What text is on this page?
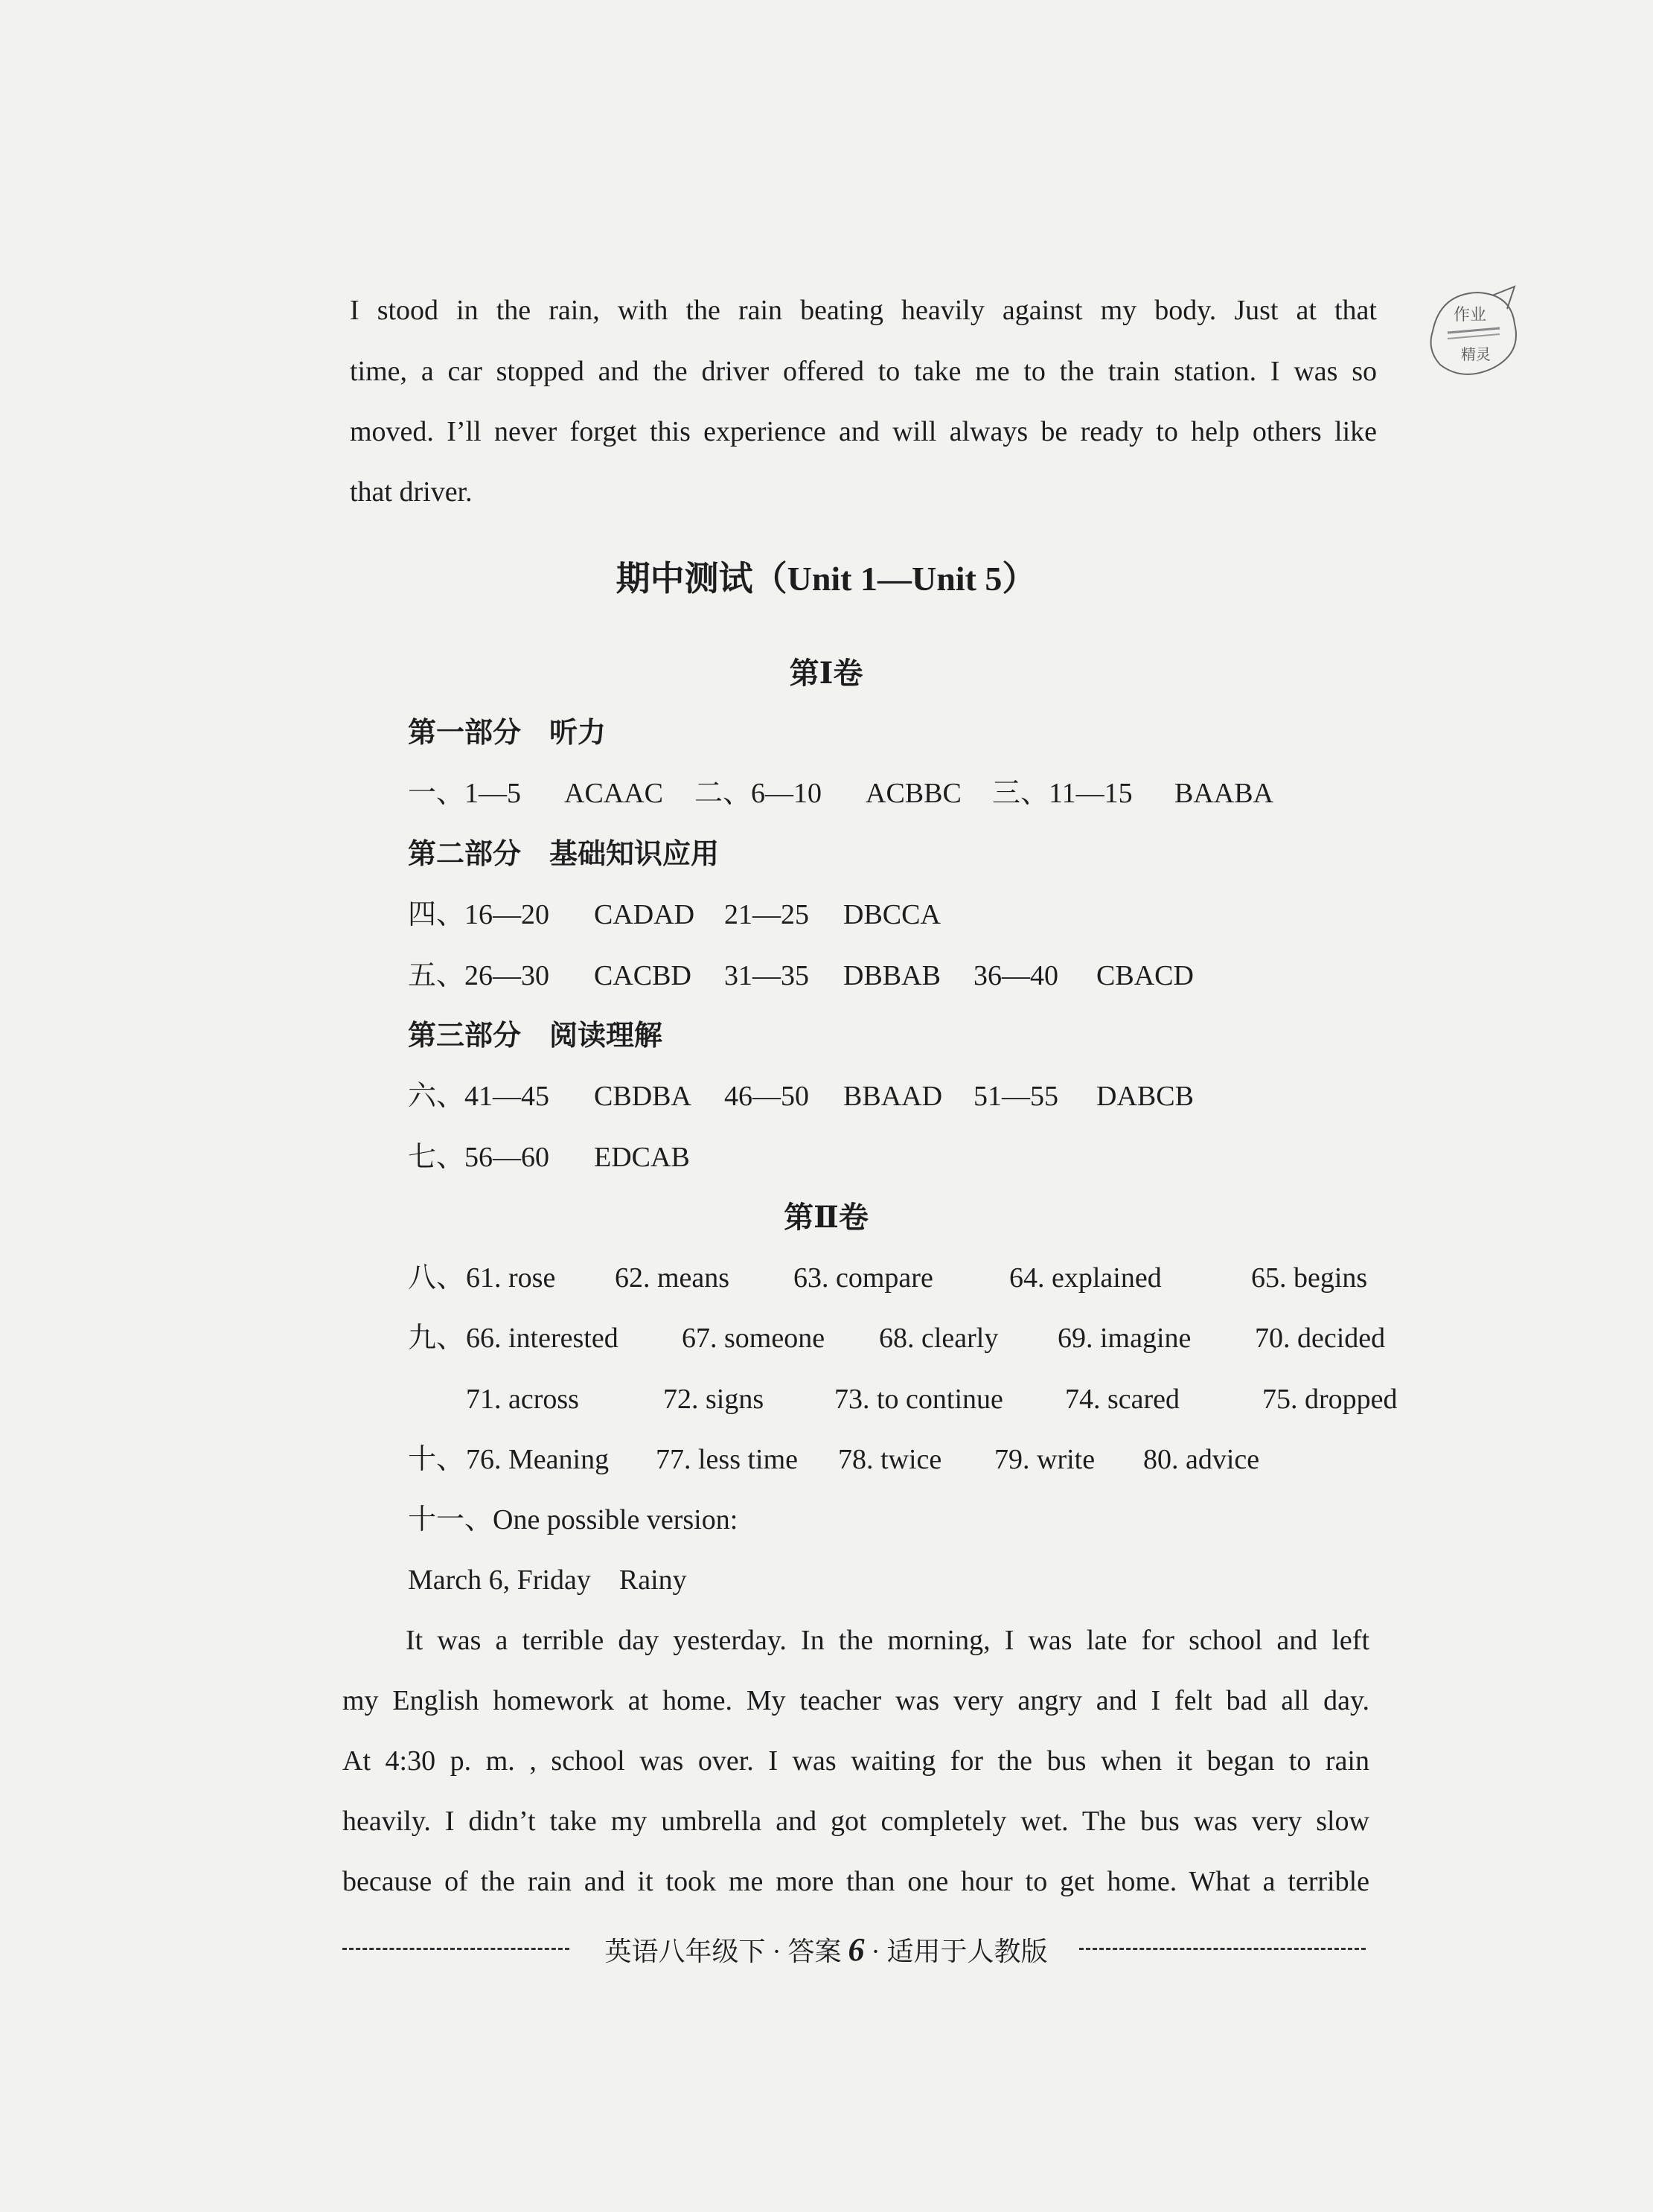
I stood in the rain, with the rain beating heavily against my body. Just at that
time, a car stopped and the driver offered to take me to the train station. I was so
moved. I’ll never forget this experience and will always be ready to help others like
that driver.
期中测试（Unit 1—Unit 5）
第Ⅰ卷
第一部分　听力
一、1—5 ACAAC 二、6—10 ACBBC 三、11—15 BAABA
第二部分　基础知识应用
四、16—20 CADAD 21—25 DBCCA
五、26—30 CACBD 31—35 DBBAB 36—40 CBACD
第三部分　阅读理解
六、41—45 CBDBA 46—50 BBAAD 51—55 DABCB
七、56—60 EDCAB
第Ⅱ卷
八、61. rose 62. means 63. compare	64. explained	65. begins
九、66. interested 67. someone 68. clearly 69. imagine 70. decided
71. across	72. signs 73. to continue 74. scared	75. dropped
十、76. Meaning 77. less time 78. twice 79. write 80. advice
十一、One possible version:
March 6, Friday　Rainy
It was a terrible day yesterday. In the morning, I was late for school and left
my English homework at home. My teacher was very angry and I felt bad all day.
At 4:30 p. m. , school was over. I was waiting for the bus when it began to rain
heavily. I didn’t take my umbrella and got completely wet. The bus was very slow
because of the rain and it took me more than one hour to get home. What a terrible
英语八年级下 · 答案 6 · 适用于人教版
作业
精灵
